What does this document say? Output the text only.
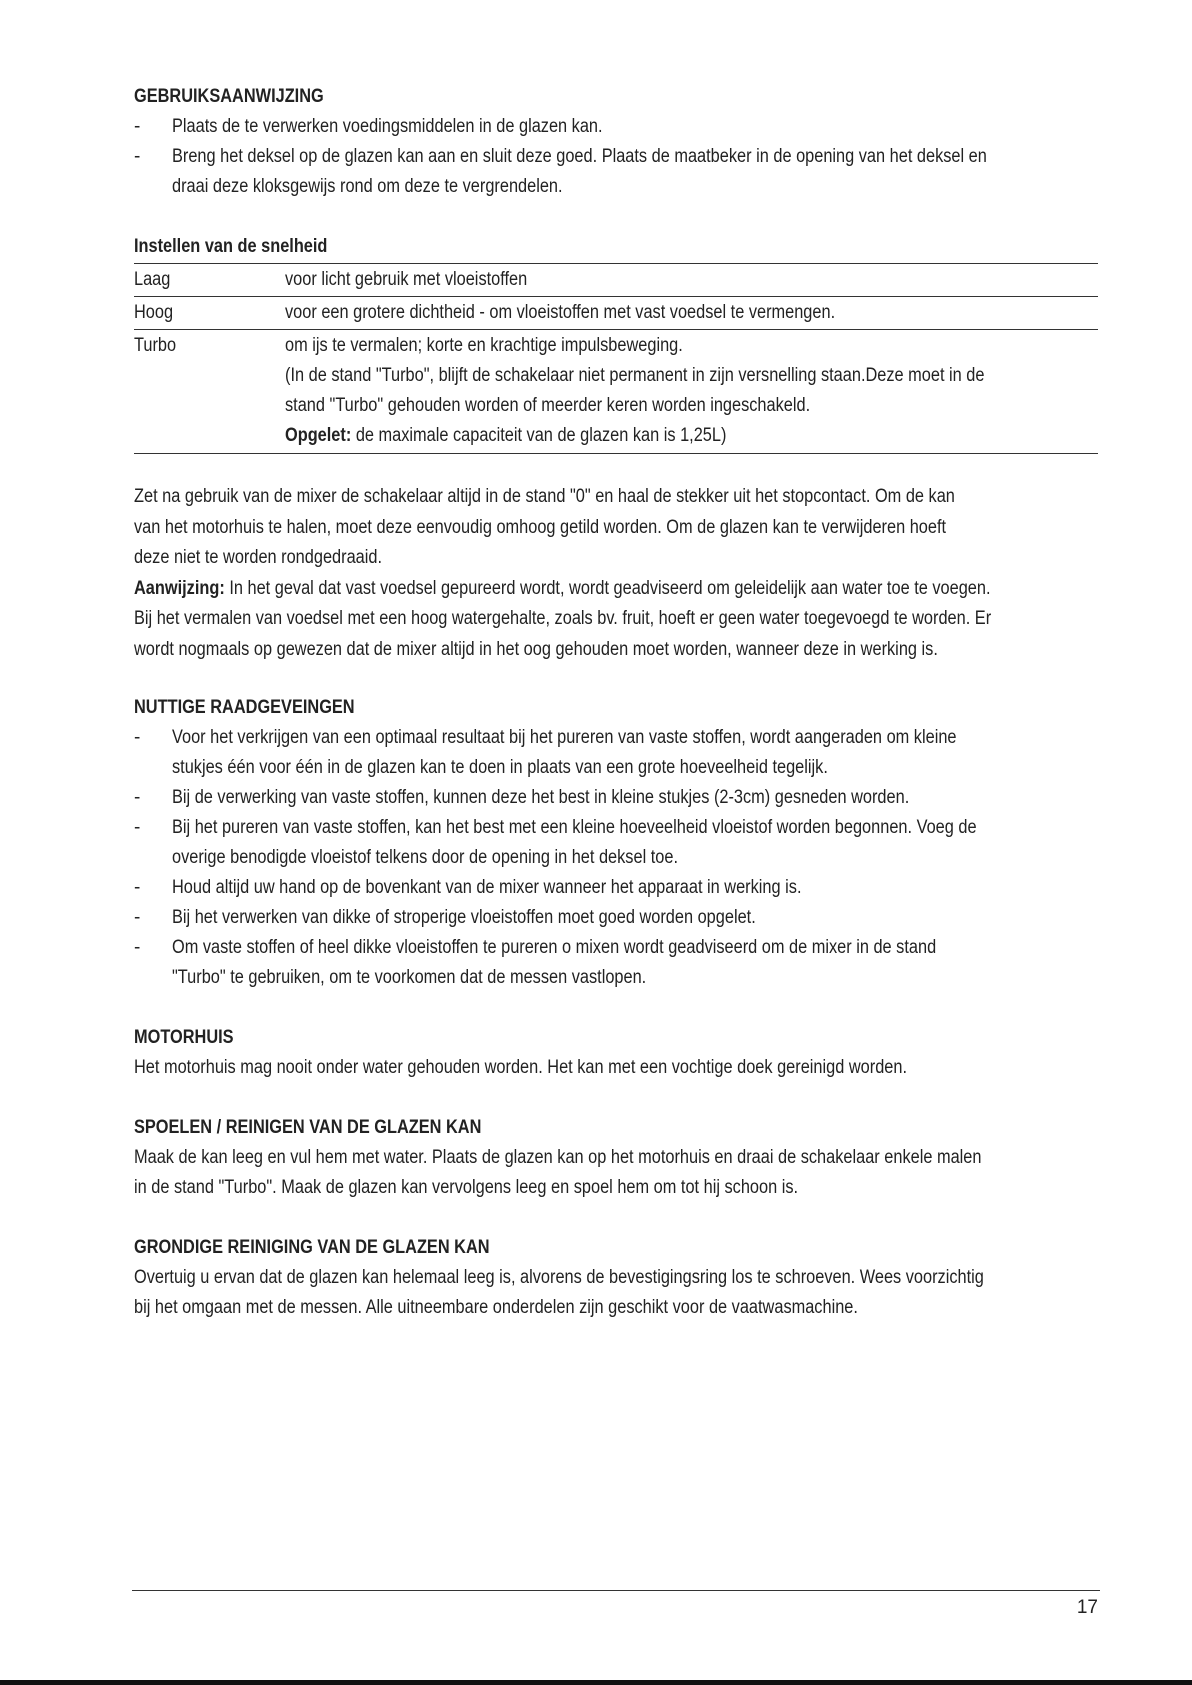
GEBRUIKSAANWIJZING
- Plaats de te verwerken voedingsmiddelen in de glazen kan.
- Breng het deksel op de glazen kan aan en sluit deze goed. Plaats de maatbeker in de opening van het deksel en
draai deze kloksgewijs rond om deze te vergrendelen.
Instellen van de snelheid
Laag	voor licht gebruik met vloeistoffen

Hoog	voor een grotere dichtheid - om vloeistoffen met vast voedsel te vermengen.

Turbo	om ijs te vermalen; korte en krachtige impulsbeweging.
(In de stand "Turbo", blijft de schakelaar niet permanent in zijn versnelling staan.Deze moet in de
stand "Turbo" gehouden worden of meerder keren worden ingeschakeld.
Opgelet: de maximale capaciteit van de glazen kan is 1,25L)
Zet na gebruik van de mixer de schakelaar altijd in de stand "0" en haal de stekker uit het stopcontact. Om de kan
van het motorhuis te halen, moet deze eenvoudig omhoog getild worden. Om de glazen kan te verwijderen hoeft
deze niet te worden rondgedraaid.
Aanwijzing: In het geval dat vast voedsel gepureerd wordt, wordt geadviseerd om geleidelijk aan water toe te voegen.
Bij het vermalen van voedsel met een hoog watergehalte, zoals bv. fruit, hoeft er geen water toegevoegd te worden. Er
wordt nogmaals op gewezen dat de mixer altijd in het oog gehouden moet worden, wanneer deze in werking is.
NUTTIGE RAADGEVEINGEN
- Voor het verkrijgen van een optimaal resultaat bij het pureren van vaste stoffen, wordt aangeraden om kleine
stukjes één voor één in de glazen kan te doen in plaats van een grote hoeveelheid tegelijk.
- Bij de verwerking van vaste stoffen, kunnen deze het best in kleine stukjes (2-3cm) gesneden worden.
- Bij het pureren van vaste stoffen, kan het best met een kleine hoeveelheid vloeistof worden begonnen. Voeg de
overige benodigde vloeistof telkens door de opening in het deksel toe.
- Houd altijd uw hand op de bovenkant van de mixer wanneer het apparaat in werking is.
- Bij het verwerken van dikke of stroperige vloeistoffen moet goed worden opgelet.
- Om vaste stoffen of heel dikke vloeistoffen te pureren o mixen wordt geadviseerd om de mixer in de stand
"Turbo" te gebruiken, om te voorkomen dat de messen vastlopen.
MOTORHUIS
Het motorhuis mag nooit onder water gehouden worden. Het kan met een vochtige doek gereinigd worden.
SPOELEN / REINIGEN VAN DE GLAZEN KAN
Maak de kan leeg en vul hem met water. Plaats de glazen kan op het motorhuis en draai de schakelaar enkele malen
in de stand "Turbo". Maak de glazen kan vervolgens leeg en spoel hem om tot hij schoon is.
GRONDIGE REINIGING VAN DE GLAZEN KAN
Overtuig u ervan dat de glazen kan helemaal leeg is, alvorens de bevestigingsring los te schroeven. Wees voorzichtig
bij het omgaan met de messen. Alle uitneembare onderdelen zijn geschikt voor de vaatwasmachine.
17
